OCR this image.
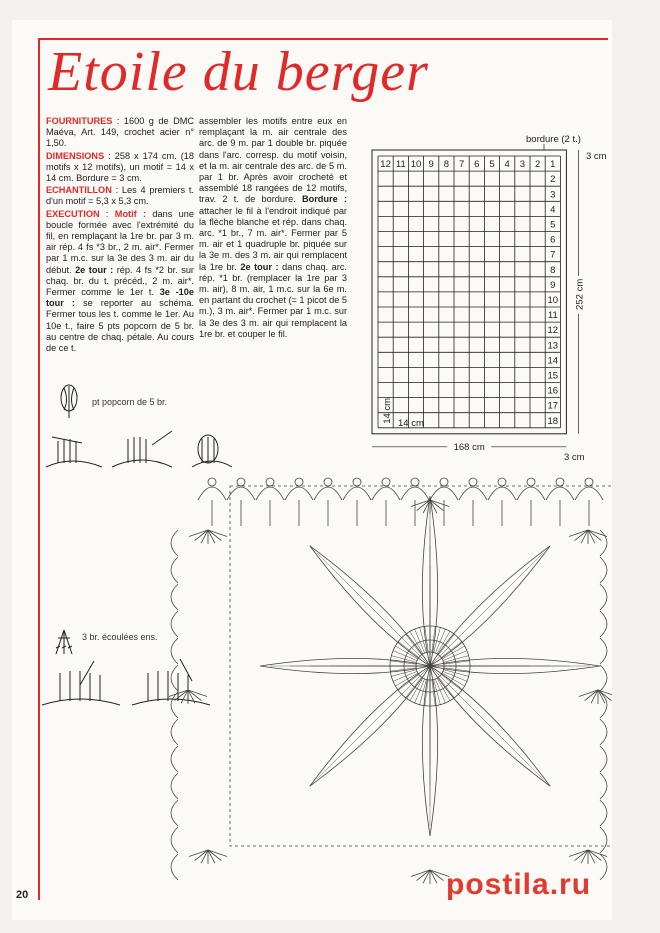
Etoile du berger

FOURNITURES : 1600 g de DMC Maéva, Art. 149, crochet acier n° 1,50.

DIMENSIONS : 258 x 174 cm. (18 motifs x 12 motifs), un motif = 14 x 14 cm. Bordure = 3 cm.

ECHANTILLON : Les 4 premiers t. d'un motif = 5,3 x 5,3 cm.

EXECUTION : Motif : dans une boucle formée avec l'extrémité du fil, en remplaçant la 1re br. par 3 m. air rép. 4 fs *3 br., 2 m. air*. Fermer par 1 m.c. sur la 3e des 3 m. air du début. 2e tour : rép. 4 fs *2 br. sur chaq. br. du t. précéd., 2 m. air*. Fermer comme le 1er t. 3e -10e tour : se reporter au schéma. Fermer tous les t. comme le 1er. Au 10e t., faire 5 pts popcorn de 5 br. au centre de chaq. pétale. Au cours de ce t.

assembler les motifs entre eux en remplaçant la m. air centrale des arc. de 9 m. par 1 double br. piquée dans l'arc. corresp. du motif voisin, et la m. air centrale des arc. de 5 m. par 1 br. Après avoir crocheté et assemblé 18 rangées de 12 motifs, trav. 2 t. de bordure. Bordure : attacher le fil à l'endroit indiqué par la flèche blanche et rép. dans chaq. arc. *1 br., 7 m. air*. Fermer par 5 m. air et 1 quadruple br. piquée sur la 3e m. des 3 m. air qui remplacent la 1re br. 2e tour : dans chaq. arc. rép. *1 br. (remplacer la 1re par 3 m. air), 8 m. air, 1 m.c. sur la 6e m. en partant du crochet (= 1 picot de 5 m.), 3 m. air*. Fermer par 1 m.c. sur la 3e des 3 m. air qui remplacent la 1re br. et couper le fil.

pt popcorn de 5 br.
3 br. écoulées ens.
12 11 10 9 8 7 6 5 4 3 2 1
2
3
4
5
6
7
8
9
10
11
12
13
14
15
16
17
18
bordure (2 t.)
3 cm
168 cm
3 cm
252 cm
14 cm
14 cm
20	postila.ru
